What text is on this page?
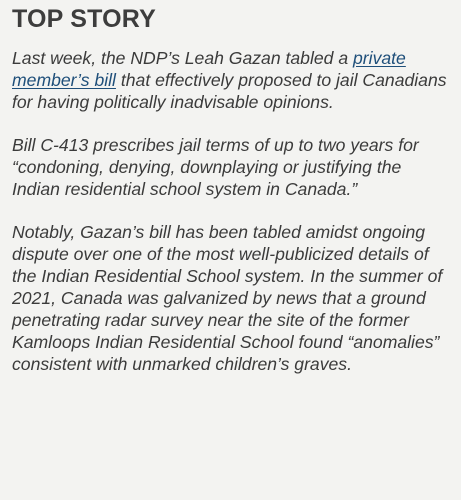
TOP STORY

Last week, the NDP’s Leah Gazan tabled a private member’s bill that effectively proposed to jail Canadians for having politically inadvisable opinions.

Bill C-413 prescribes jail terms of up to two years for “condoning, denying, downplaying or justifying the Indian residential school system in Canada.”

Notably, Gazan’s bill has been tabled amidst ongoing dispute over one of the most well-publicized details of the Indian Residential School system. In the summer of 2021, Canada was galvanized by news that a ground penetrating radar survey near the site of the former Kamloops Indian Residential School found “anomalies” consistent with unmarked children’s graves.
